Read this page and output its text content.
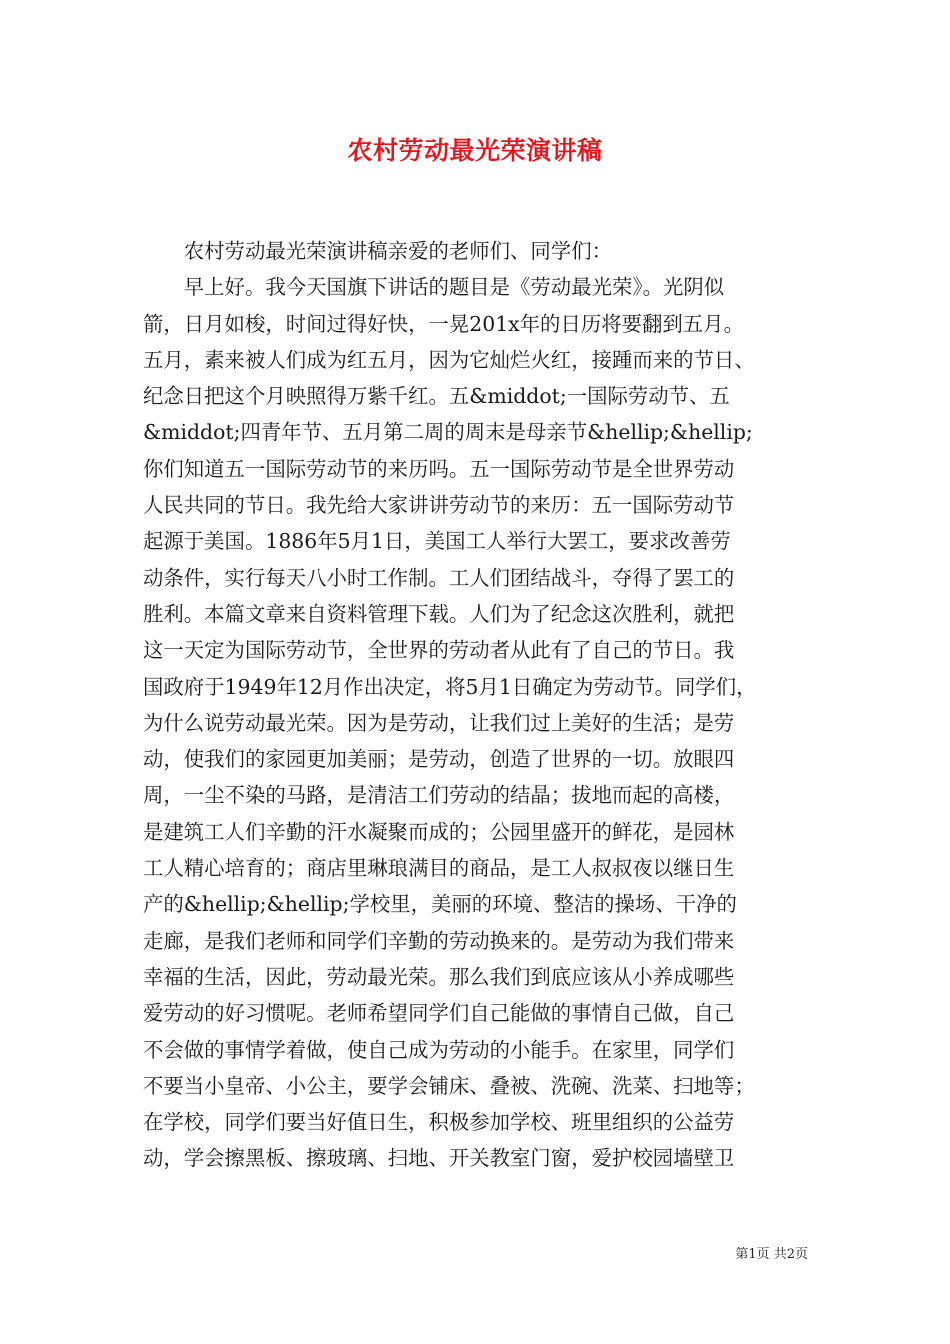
农村劳动最光荣演讲稿
　　农村劳动最光荣演讲稿亲爱的老师们、同学们：
　　早上好。我今天国旗下讲话的题目是《劳动最光荣》。光阴似
箭，日月如梭，时间过得好快，一晃201x年的日历将要翻到五月。
五月，素来被人们成为红五月，因为它灿烂火红，接踵而来的节日、
纪念日把这个月映照得万紫千红。五&middot;一国际劳动节、五
&middot;四青年节、五月第二周的周末是母亲节&hellip;&hellip;
你们知道五一国际劳动节的来历吗。五一国际劳动节是全世界劳动
人民共同的节日。我先给大家讲讲劳动节的来历：五一国际劳动节
起源于美国。1886年5月1日，美国工人举行大罢工，要求改善劳
动条件，实行每天八小时工作制。工人们团结战斗，夺得了罢工的
胜利。本篇文章来自资料管理下载。人们为了纪念这次胜利，就把
这一天定为国际劳动节，全世界的劳动者从此有了自己的节日。我
国政府于1949年12月作出决定，将5月1日确定为劳动节。同学们，
为什么说劳动最光荣。因为是劳动，让我们过上美好的生活；是劳
动，使我们的家园更加美丽；是劳动，创造了世界的一切。放眼四
周，一尘不染的马路，是清洁工们劳动的结晶；拔地而起的高楼，
是建筑工人们辛勤的汗水凝聚而成的；公园里盛开的鲜花，是园林
工人精心培育的；商店里琳琅满目的商品，是工人叔叔夜以继日生
产的&hellip;&hellip;学校里，美丽的环境、整洁的操场、干净的
走廊，是我们老师和同学们辛勤的劳动换来的。是劳动为我们带来
幸福的生活，因此，劳动最光荣。那么我们到底应该从小养成哪些
爱劳动的好习惯呢。老师希望同学们自己能做的事情自己做，自己
不会做的事情学着做，使自己成为劳动的小能手。在家里，同学们
不要当小皇帝、小公主，要学会铺床、叠被、洗碗、洗菜、扫地等；
在学校，同学们要当好值日生，积极参加学校、班里组织的公益劳
动，学会擦黑板、擦玻璃、扫地、开关教室门窗，爱护校园墙壁卫
第1页 共2页
